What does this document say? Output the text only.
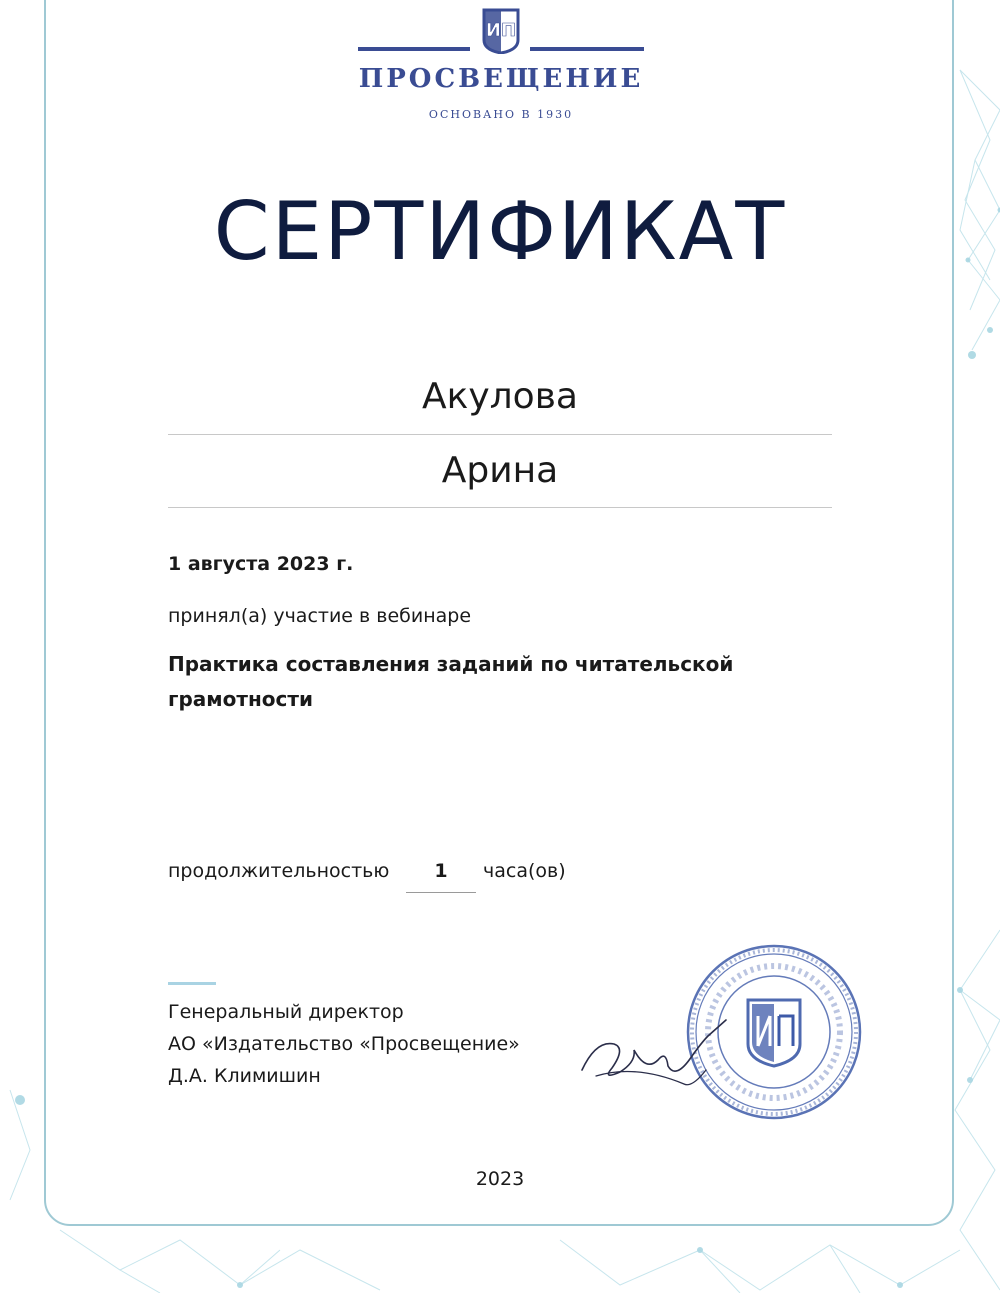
ИП
ПРОСВЕЩЕНИЕ
ОСНОВАНО В 1930
СЕРТИФИКАТ
Акулова
Арина
1 августа 2023 г.
принял(а) участие в вебинаре
Практика составления заданий по читательской грамотности
продолжительностью	1	часа(ов)
Генеральный директор
АО «Издательство «Просвещение»
Д.А. Климишин
2023
